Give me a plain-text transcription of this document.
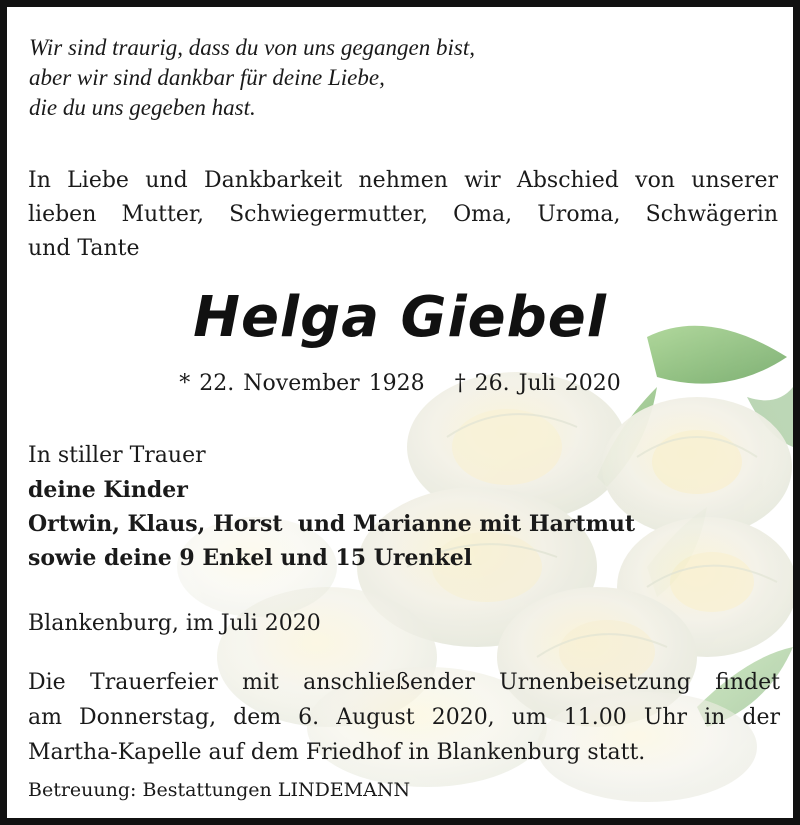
Wir sind traurig, dass du von uns gegangen bist,
aber wir sind dankbar für deine Liebe,
die du uns gegeben hast.
In Liebe und Dankbarkeit nehmen wir Abschied von unserer
lieben Mutter, Schwiegermutter, Oma, Uroma, Schwägerin
und Tante
Helga Giebel
* 22. November 1928 † 26. Juli 2020
In stiller Trauer
deine Kinder
Ortwin, Klaus, Horst  und Marianne mit Hartmut
sowie deine 9 Enkel und 15 Urenkel
Blankenburg, im Juli 2020
Die Trauerfeier mit anschließender Urnenbeisetzung findet
am Donnerstag, dem 6. August 2020, um 11.00 Uhr in der
Martha-Kapelle auf dem Friedhof in Blankenburg statt.
Betreuung: Bestattungen LINDEMANN
